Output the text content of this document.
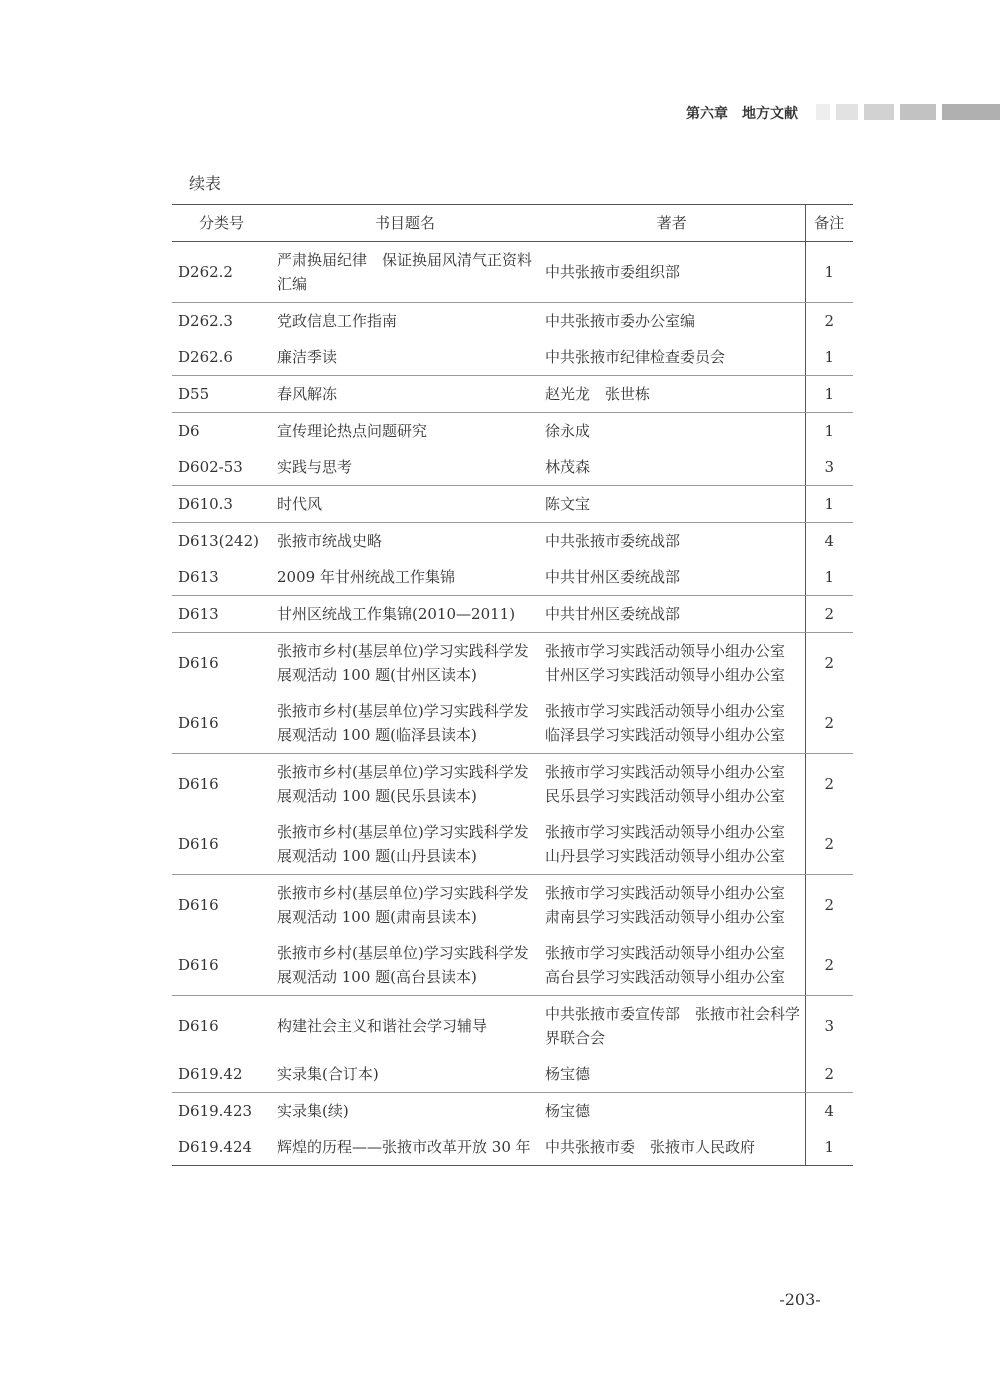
第六章　地方文献
续表
分类号	书目题名	著者	备注
D262.2	严肃换届纪律　保证换届风清气正资料汇编	中共张掖市委组织部	1
D262.3	党政信息工作指南	中共张掖市委办公室编	2
D262.6	廉洁季读	中共张掖市纪律检查委员会	1
D55	春风解冻	赵光龙　张世栋	1
D6	宣传理论热点问题研究	徐永成	1
D602-53	实践与思考	林茂森	3
D610.3	时代风	陈文宝	1
D613(242)	张掖市统战史略	中共张掖市委统战部	4
D613	2009 年甘州统战工作集锦	中共甘州区委统战部	1
D613	甘州区统战工作集锦(2010—2011)	中共甘州区委统战部	2
D616	张掖市乡村(基层单位)学习实践科学发展观活动 100 题(甘州区读本)	张掖市学习实践活动领导小组办公室　甘州区学习实践活动领导小组办公室	2
D616	张掖市乡村(基层单位)学习实践科学发展观活动 100 题(临泽县读本)	张掖市学习实践活动领导小组办公室　临泽县学习实践活动领导小组办公室	2
D616	张掖市乡村(基层单位)学习实践科学发展观活动 100 题(民乐县读本)	张掖市学习实践活动领导小组办公室　民乐县学习实践活动领导小组办公室	2
D616	张掖市乡村(基层单位)学习实践科学发展观活动 100 题(山丹县读本)	张掖市学习实践活动领导小组办公室　山丹县学习实践活动领导小组办公室	2
D616	张掖市乡村(基层单位)学习实践科学发展观活动 100 题(肃南县读本)	张掖市学习实践活动领导小组办公室　肃南县学习实践活动领导小组办公室	2
D616	张掖市乡村(基层单位)学习实践科学发展观活动 100 题(高台县读本)	张掖市学习实践活动领导小组办公室　高台县学习实践活动领导小组办公室	2
D616	构建社会主义和谐社会学习辅导	中共张掖市委宣传部　张掖市社会科学界联合会	3
D619.42	实录集(合订本)	杨宝德	2
D619.423	实录集(续)	杨宝德	4
D619.424	辉煌的历程——张掖市改革开放 30 年	中共张掖市委　张掖市人民政府	1
-203-
